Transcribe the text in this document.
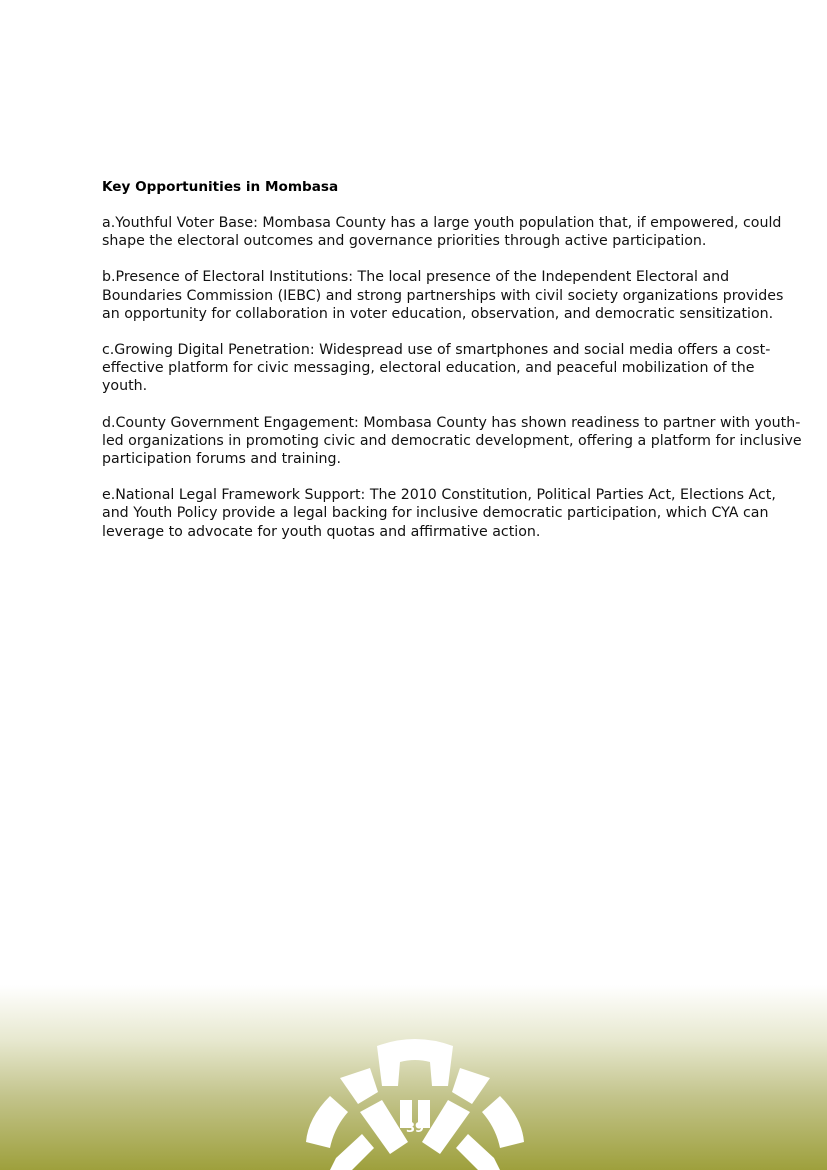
Key Opportunities in Mombasa

a.Youthful Voter Base: Mombasa County has a large youth population that, if empowered, could shape the electoral outcomes and governance priorities through active participation.

b.Presence of Electoral Institutions: The local presence of the Independent Electoral and Boundaries Commission (IEBC) and strong partnerships with civil society organizations provides an opportunity for collaboration in voter education, observation, and democratic sensitization.

c.Growing Digital Penetration: Widespread use of smartphones and social media offers a cost-effective platform for civic messaging, electoral education, and peaceful mobilization of the youth.

d.County Government Engagement: Mombasa County has shown readiness to partner with youth-led organizations in promoting civic and democratic development, offering a platform for inclusive participation forums and training.

e.National Legal Framework Support: The 2010 Constitution, Political Parties Act, Elections Act, and Youth Policy provide a legal backing for inclusive democratic participation, which CYA can leverage to advocate for youth quotas and affirmative action.

39
